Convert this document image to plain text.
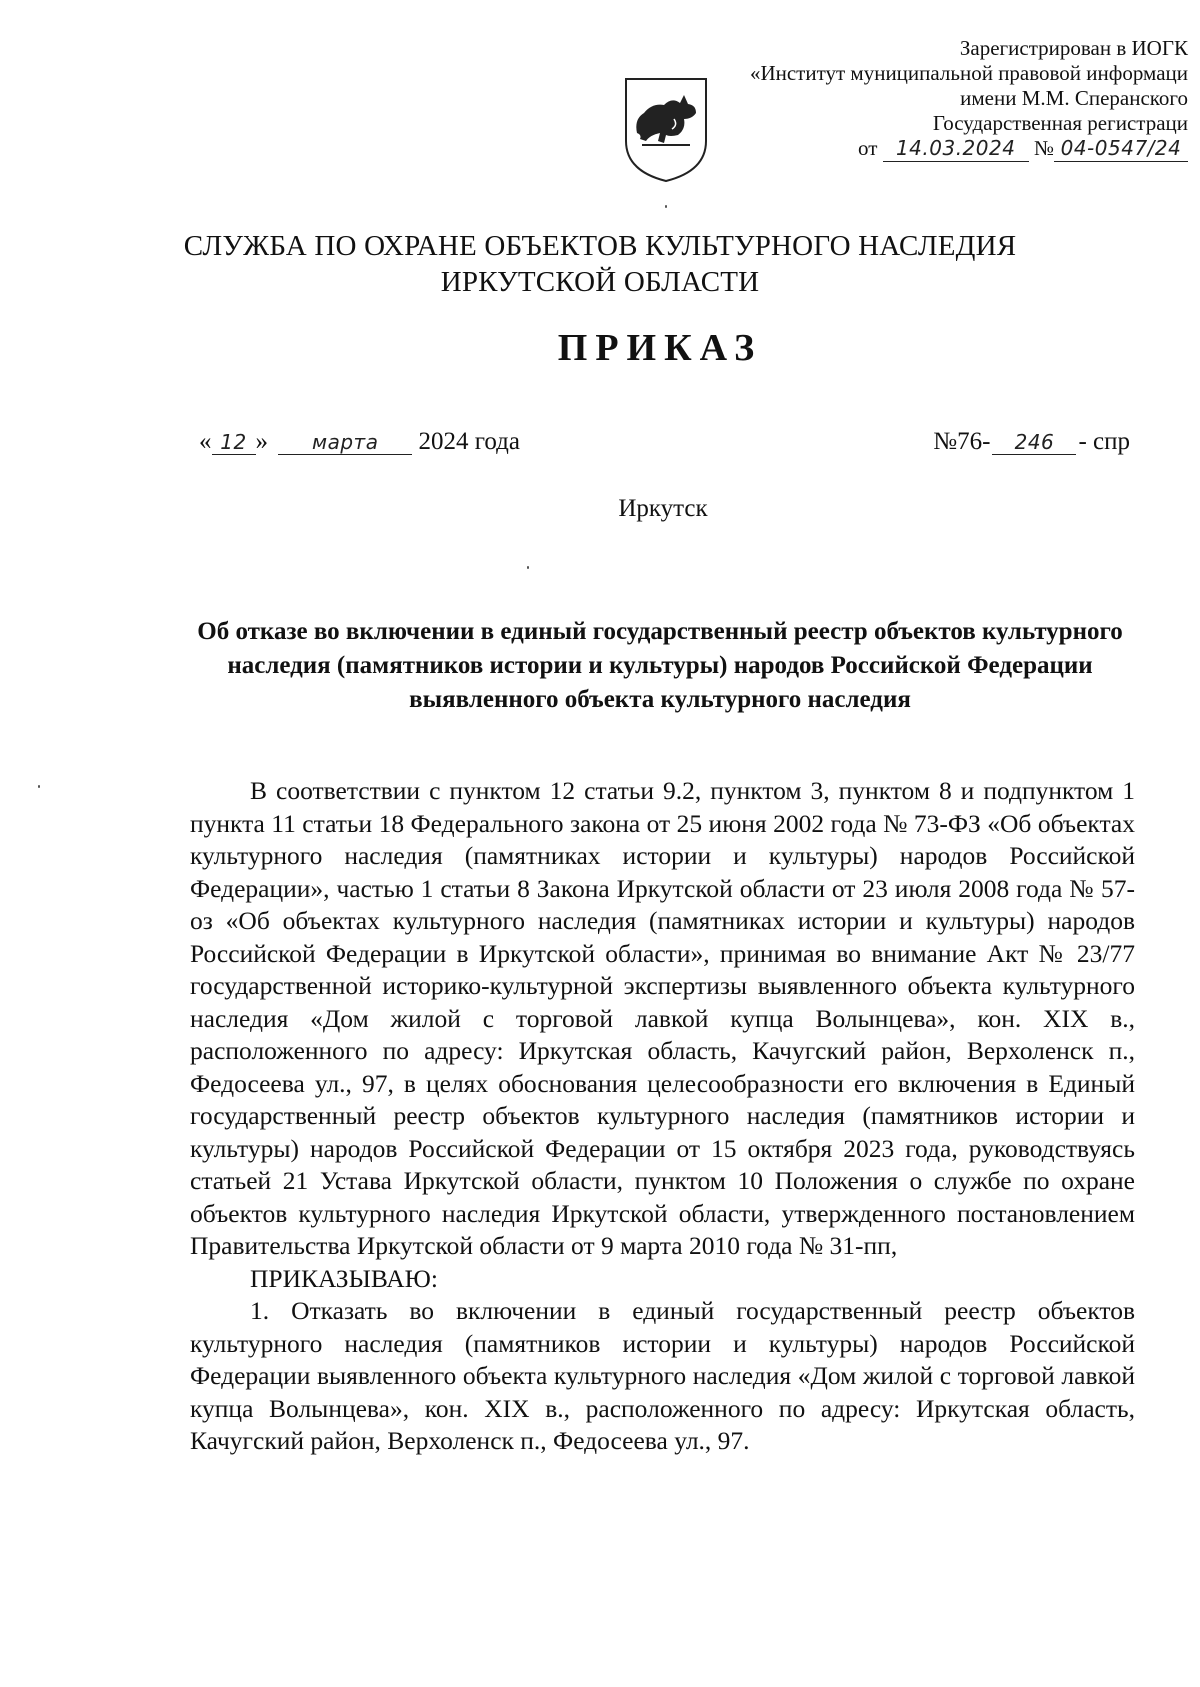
Зарегистрирован в ИОГК
«Институт муниципальной правовой информаци
имени М.М. Сперанского
Государственная регистраци
от 14.03.2024 № 04-0547/24
СЛУЖБА ПО ОХРАНЕ ОБЪЕКТОВ КУЛЬТУРНОГО НАСЛЕДИЯ
ИРКУТСКОЙ ОБЛАСТИ
ПРИКАЗ
« 12 » марта 2024 года	№76- 246 - спр
Иркутск
Об отказе во включении в единый государственный реестр объектов культурного наследия (памятников истории и культуры) народов Российской Федерации выявленного объекта культурного наследия

В соответствии с пунктом 12 статьи 9.2, пунктом 3, пунктом 8 и подпунктом 1 пункта 11 статьи 18 Федерального закона от 25 июня 2002 года № 73-ФЗ «Об объектах культурного наследия (памятниках истории и культуры) народов Российской Федерации», частью 1 статьи 8 Закона Иркутской области от 23 июля 2008 года № 57-оз «Об объектах культурного наследия (памятниках истории и культуры) народов Российской Федерации в Иркутской области», принимая во внимание Акт № 23/77 государственной историко-культурной экспертизы выявленного объекта культурного наследия «Дом жилой с торговой лавкой купца Волынцева», кон. XIX в., расположенного по адресу: Иркутская область, Качугский район, Верхоленск п., Федосеева ул., 97, в целях обоснования целесообразности его включения в Единый государственный реестр объектов культурного наследия (памятников истории и культуры) народов Российской Федерации от 15 октября 2023 года, руководствуясь статьей 21 Устава Иркутской области, пунктом 10 Положения о службе по охране объектов культурного наследия Иркутской области, утвержденного постановлением Правительства Иркутской области от 9 марта 2010 года № 31-пп,

ПРИКАЗЫВАЮ:

1. Отказать во включении в единый государственный реестр объектов культурного наследия (памятников истории и культуры) народов Российской Федерации выявленного объекта культурного наследия «Дом жилой с торговой лавкой купца Волынцева», кон. XIX в., расположенного по адресу: Иркутская область, Качугский район, Верхоленск п., Федосеева ул., 97.
